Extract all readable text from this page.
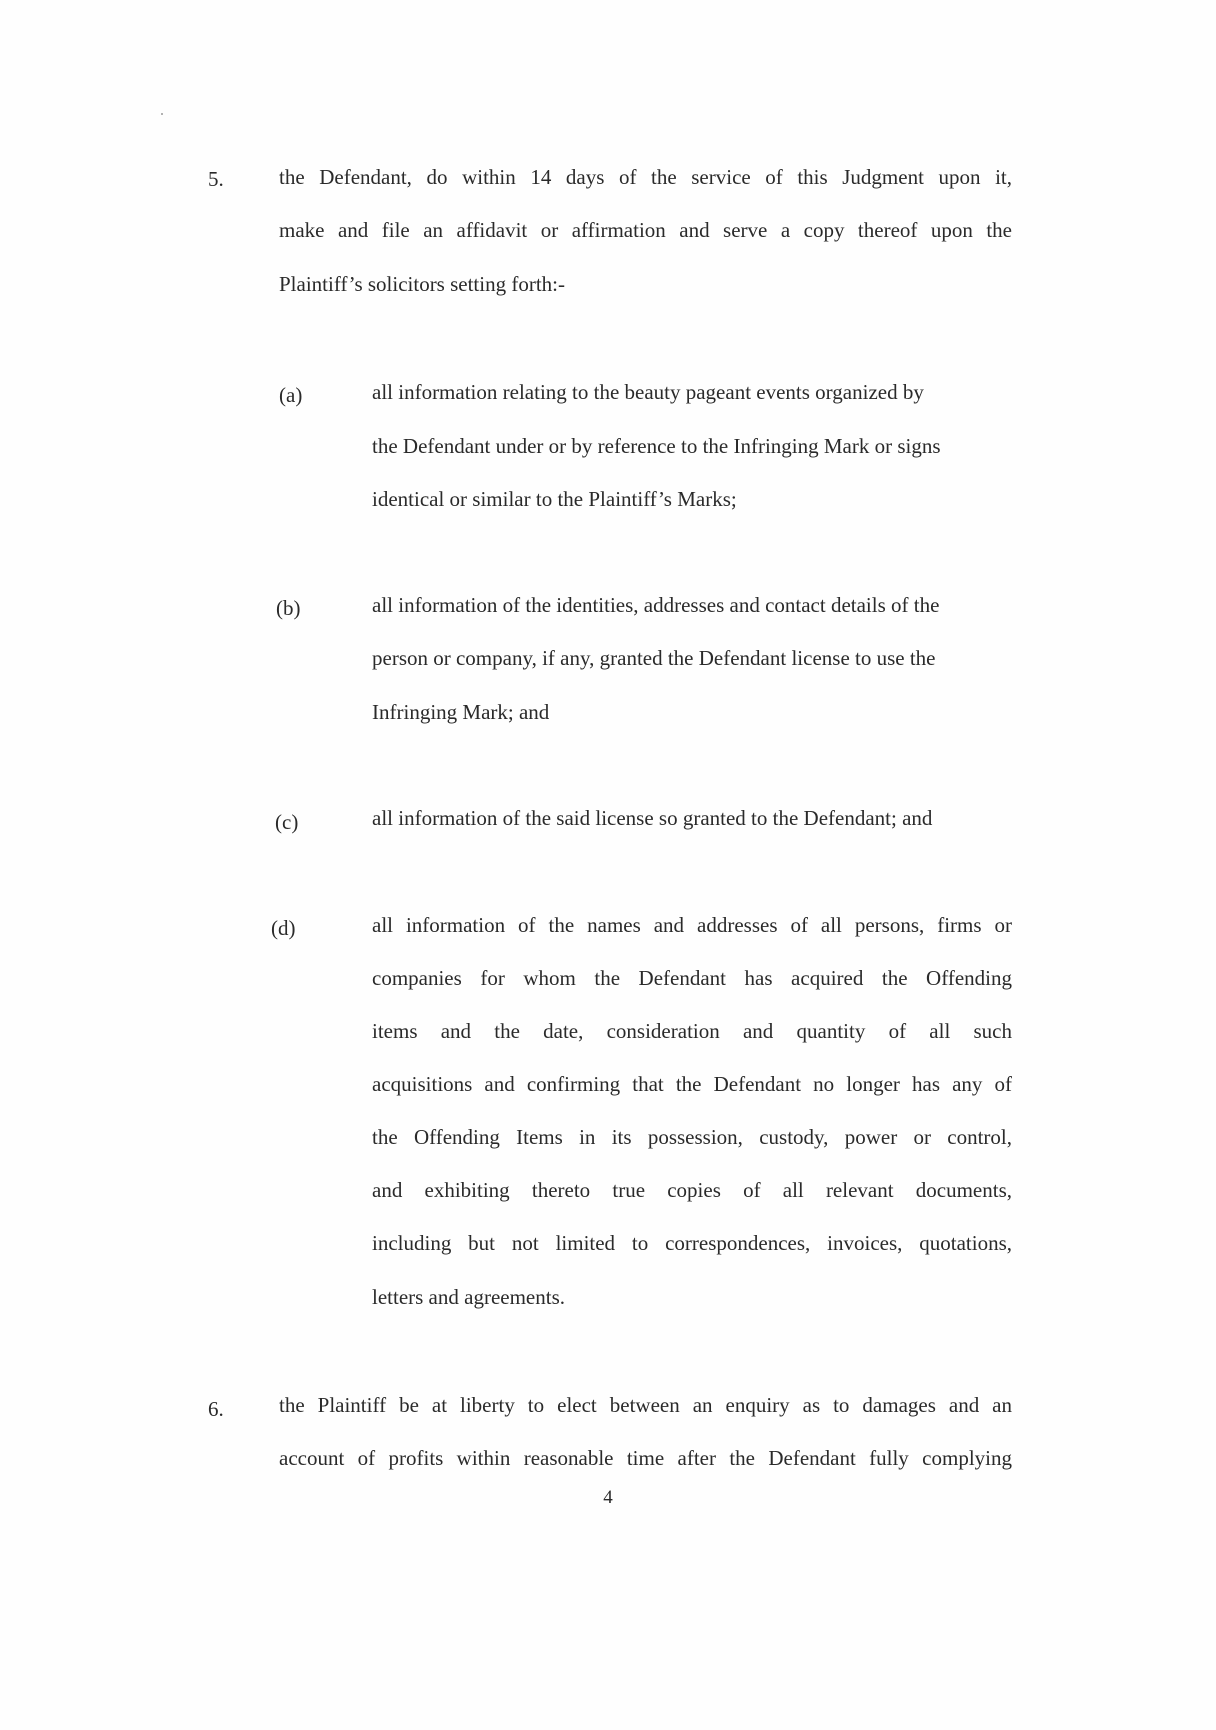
5.	the Defendant, do within 14 days of the service of this Judgment upon it,
make and file an affidavit or affirmation and serve a copy thereof upon the
Plaintiff’s solicitors setting forth:-
(a)	all information relating to the beauty pageant events organized by
the Defendant under or by reference to the Infringing Mark or signs
identical or similar to the Plaintiff’s Marks;
(b)	all information of the identities, addresses and contact details of the
person or company, if any, granted the Defendant license to use the
Infringing Mark; and
(c)	all information of the said license so granted to the Defendant; and
(d)	all information of the names and addresses of all persons, firms or
companies for whom the Defendant has acquired the Offending
items and the date, consideration and quantity of all such
acquisitions and confirming that the Defendant no longer has any of
the Offending Items in its possession, custody, power or control,
and exhibiting thereto true copies of all relevant documents,
including but not limited to correspondences, invoices, quotations,
letters and agreements.
6.	the Plaintiff be at liberty to elect between an enquiry as to damages and an
account of profits within reasonable time after the Defendant fully complying
4
